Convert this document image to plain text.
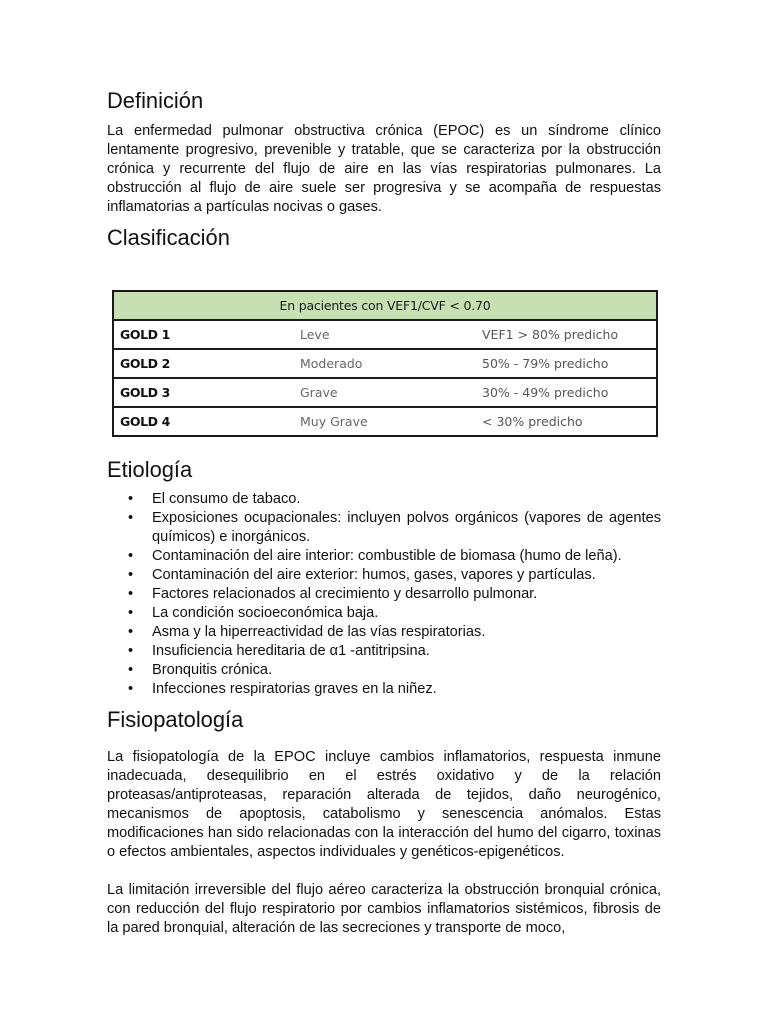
Definición

La enfermedad pulmonar obstructiva crónica (EPOC) es un síndrome clínico lentamente progresivo, prevenible y tratable, que se caracteriza por la obstrucción crónica y recurrente del flujo de aire en las vías respiratorias pulmonares. La obstrucción al flujo de aire suele ser progresiva y se acompaña de respuestas inflamatorias a partículas nocivas o gases.

Clasificación
En pacientes con VEF1/CVF < 0.70		
GOLD 1	Leve	VEF1 > 80% predicho
GOLD 2	Moderado	50% - 79% predicho
GOLD 3	Grave	30% - 49% predicho
GOLD 4	Muy Grave	< 30% predicho
Etiología
• El consumo de tabaco.
• Exposiciones ocupacionales: incluyen polvos orgánicos (vapores de agentes químicos) e inorgánicos.
• Contaminación del aire interior: combustible de biomasa (humo de leña).
• Contaminación del aire exterior: humos, gases, vapores y partículas.
• Factores relacionados al crecimiento y desarrollo pulmonar.
• La condición socioeconómica baja.
• Asma y la hiperreactividad de las vías respiratorias.
• Insuficiencia hereditaria de α1 -antitripsina.
• Bronquitis crónica.
• Infecciones respiratorias graves en la niñez.
Fisiopatología

La fisiopatología de la EPOC incluye cambios inflamatorios, respuesta inmune inadecuada, desequilibrio en el estrés oxidativo y de la relación proteasas/antiproteasas, reparación alterada de tejidos, daño neurogénico, mecanismos de apoptosis, catabolismo y senescencia anómalos. Estas modificaciones han sido relacionadas con la interacción del humo del cigarro, toxinas o efectos ambientales, aspectos individuales y genéticos-epigenéticos.

La limitación irreversible del flujo aéreo caracteriza la obstrucción bronquial crónica, con reducción del flujo respiratorio por cambios inflamatorios sistémicos, fibrosis de la pared bronquial, alteración de las secreciones y transporte de moco,
